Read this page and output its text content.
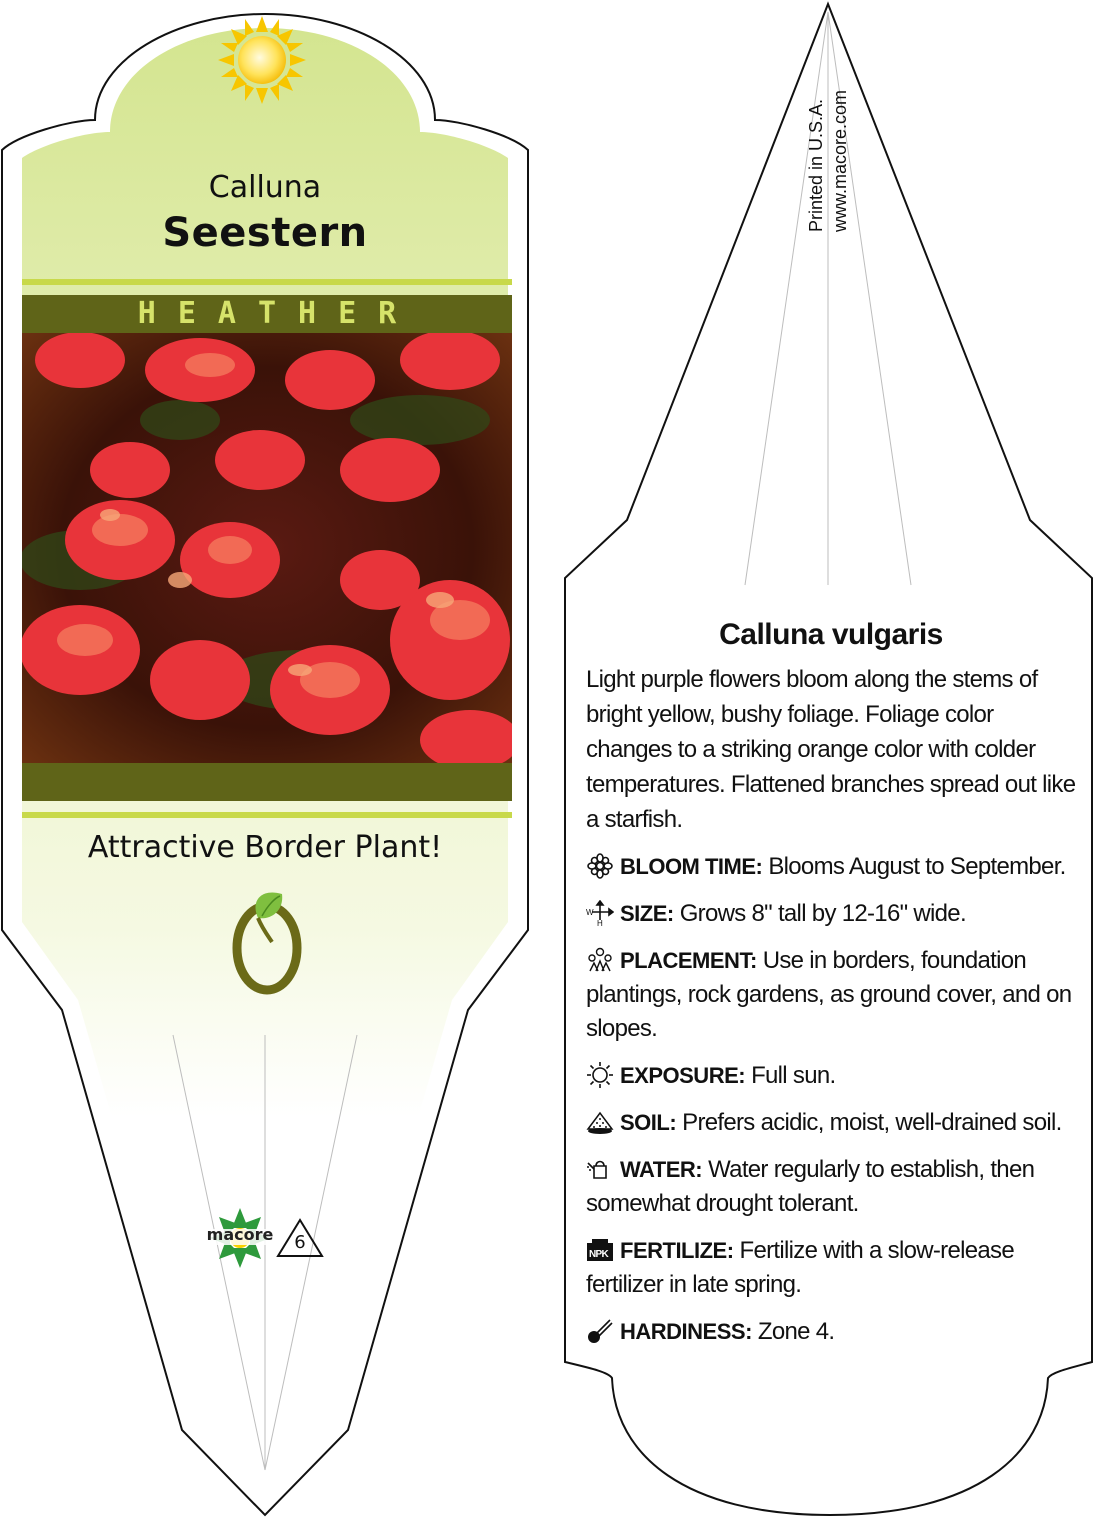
Calluna

Seestern

HEATHER

Attractive Border Plant!

macore	6

Printed in U.S.A. www.macore.com

Calluna vulgaris

Light purple flowers bloom along the stems of bright yellow, bushy foliage. Foliage color changes to a striking orange color with colder temperatures. Flattened branches spread out like a starfish.

BLOOM TIME: Blooms August to September.

W
H SIZE: Grows 8" tall by 12-16" wide.

PLACEMENT: Use in borders, foundation plantings, rock gardens, as ground cover, and on slopes.

EXPOSURE: Full sun.

SOIL: Prefers acidic, moist, well-drained soil.

WATER: Water regularly to establish, then somewhat drought tolerant.

NPK FERTILIZE: Fertilize with a slow-release fertilizer in late spring.

HARDINESS: Zone 4.
